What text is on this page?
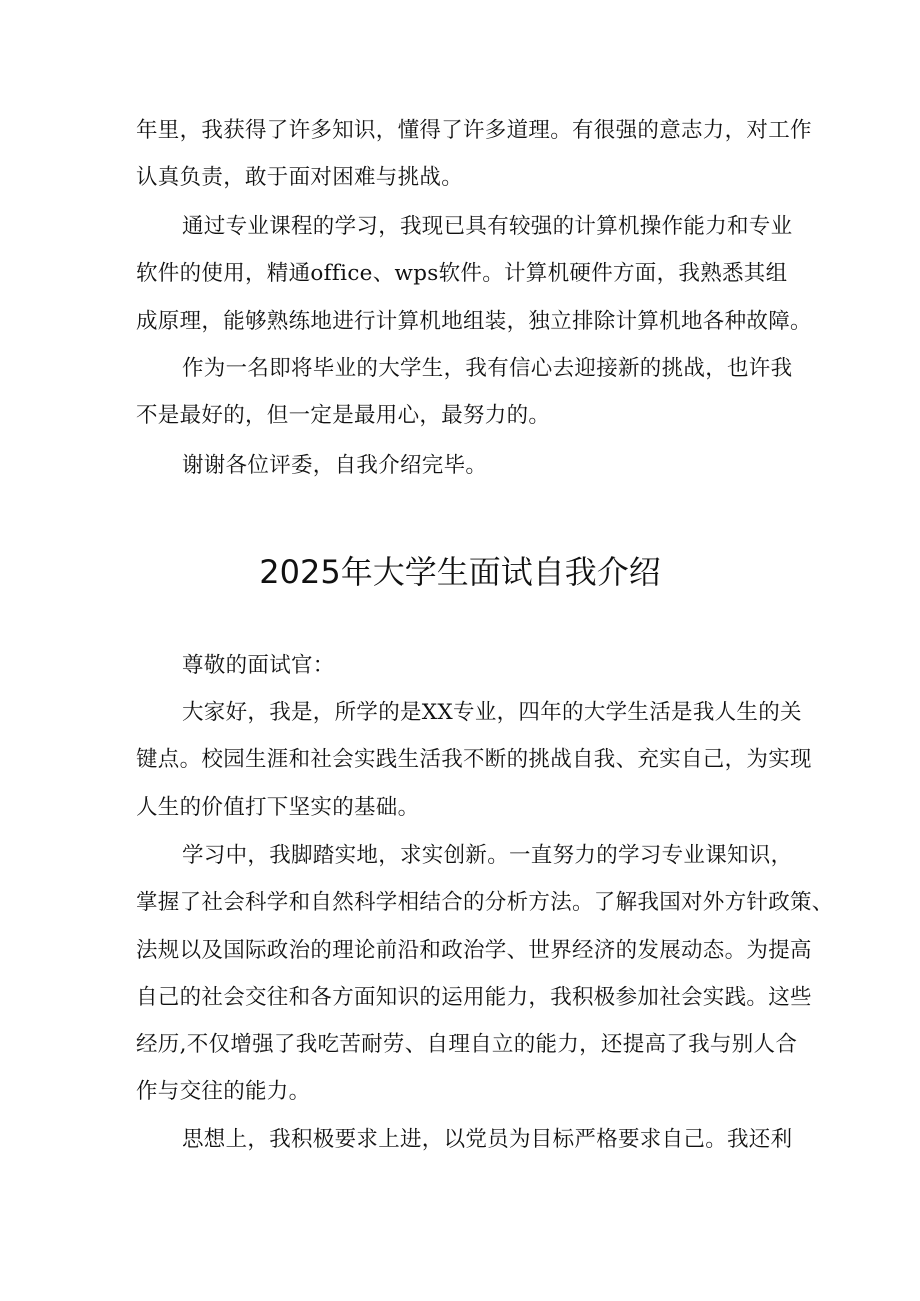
年里，我获得了许多知识，懂得了许多道理。有很强的意志力，对工作
认真负责，敢于面对困难与挑战。
通过专业课程的学习，我现已具有较强的计算机操作能力和专业
软件的使用，精通office、wps软件。计算机硬件方面，我熟悉其组
成原理，能够熟练地进行计算机地组装，独立排除计算机地各种故障。
作为一名即将毕业的大学生，我有信心去迎接新的挑战，也许我
不是最好的，但一定是最用心，最努力的。
谢谢各位评委，自我介绍完毕。
2025年大学生面试自我介绍
尊敬的面试官：
大家好，我是，所学的是XX专业，四年的大学生活是我人生的关
键点。校园生涯和社会实践生活我不断的挑战自我、充实自己，为实现
人生的价值打下坚实的基础。
学习中，我脚踏实地，求实创新。一直努力的学习专业课知识，
掌握了社会科学和自然科学相结合的分析方法。了解我国对外方针政策、
法规以及国际政治的理论前沿和政治学、世界经济的发展动态。为提高
自己的社会交往和各方面知识的运用能力，我积极参加社会实践。这些
经历,不仅增强了我吃苦耐劳、自理自立的能力，还提高了我与别人合
作与交往的能力。
思想上，我积极要求上进，以党员为目标严格要求自己。我还利
